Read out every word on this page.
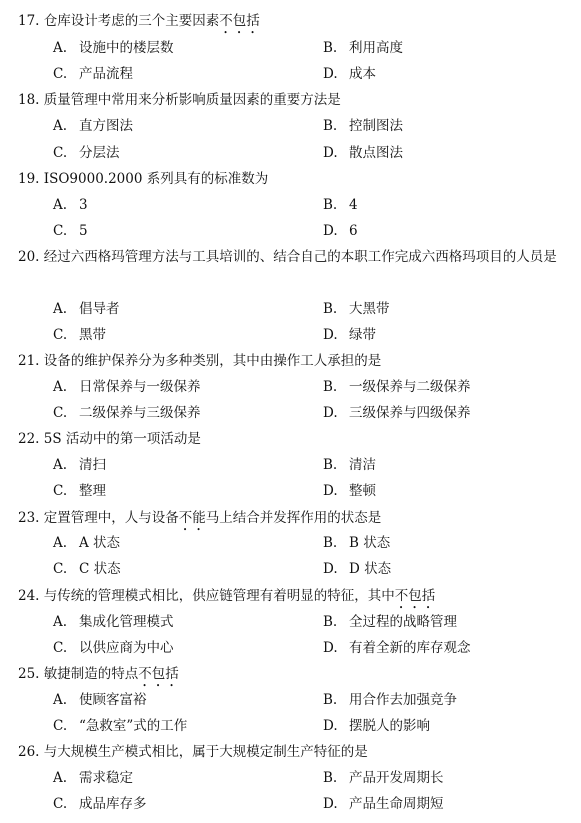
17. 仓库设计考虑的三个主要因素不包括
A. 设施中的楼层数	B. 利用高度
C. 产品流程	D. 成本
18. 质量管理中常用来分析影响质量因素的重要方法是
A. 直方图法	B. 控制图法
C. 分层法	D. 散点图法
19. ISO9000.2000 系列具有的标准数为
A. 3	B. 4
C. 5	D. 6
20. 经过六西格玛管理方法与工具培训的、结合自己的本职工作完成六西格玛项目的人员是
A. 倡导者	B. 大黑带
C. 黑带	D. 绿带
21. 设备的维护保养分为多种类别，其中由操作工人承担的是
A. 日常保养与一级保养	B. 一级保养与二级保养
C. 二级保养与三级保养	D. 三级保养与四级保养
22. 5S 活动中的第一项活动是
A. 清扫	B. 清洁
C. 整理	D. 整顿
23. 定置管理中，人与设备不能马上结合并发挥作用的状态是
A. A 状态	B. B 状态
C. C 状态	D. D 状态
24. 与传统的管理模式相比，供应链管理有着明显的特征，其中不包括
A. 集成化管理模式	B. 全过程的战略管理
C. 以供应商为中心	D. 有着全新的库存观念
25. 敏捷制造的特点不包括
A. 使顾客富裕	B. 用合作去加强竞争
C. “急救室”式的工作	D. 摆脱人的影响
26. 与大规模生产模式相比，属于大规模定制生产特征的是
A. 需求稳定	B. 产品开发周期长
C. 成品库存多	D. 产品生命周期短
